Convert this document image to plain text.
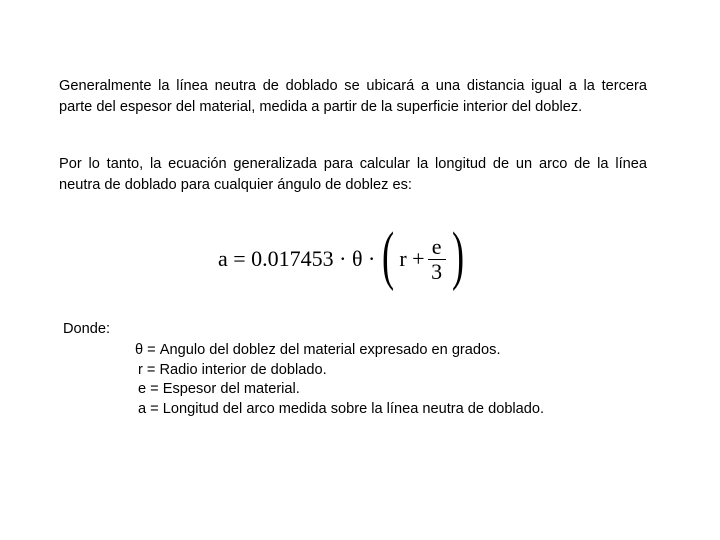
Generalmente la línea neutra de doblado se ubicará a una distancia igual a la tercera parte del espesor del material, medida a partir de la superficie interior del doblez.

Por lo tanto, la ecuación generalizada para calcular la longitud de un arco de la línea neutra de doblado para cualquier ángulo de doblez es:

a = 0.017453 · θ · ( $r + \frac{e}{3}$ )
Donde:
θ = Angulo del doblez del material expresado en grados.
r = Radio interior de doblado.
e = Espesor del material.
a = Longitud del arco medida sobre la línea neutra de doblado.
